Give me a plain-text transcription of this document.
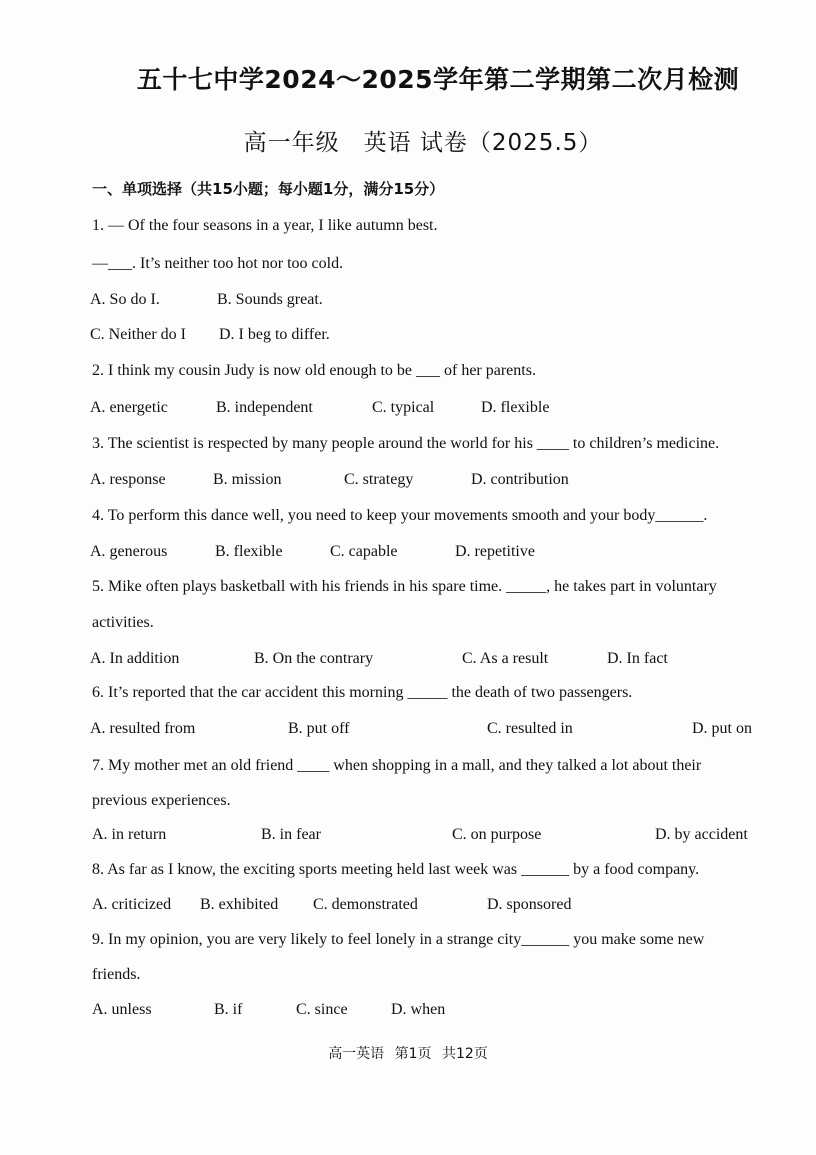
五十七中学2024～2025学年第二学期第二次月检测
高一年级　英语 试卷（2025.5）
一、单项选择（共15小题；每小题1分，满分15分）
1. — Of the four seasons in a year, I like autumn best.
—___. It’s neither too hot nor too cold.
A. So do I.	B. Sounds great.
C. Neither do I D. I beg to differ.
2. I think my cousin Judy is now old enough to be ___ of her parents.
A. energetic	B. independent	C. typical	D. flexible
3. The scientist is respected by many people around the world for his ____ to children’s medicine.
A. response	B. mission	C. strategy	D. contribution
4. To perform this dance well, you need to keep your movements smooth and your body______.
A. generous	B. flexible	C. capable	D. repetitive
5. Mike often plays basketball with his friends in his spare time. _____, he takes part in voluntary
activities.
A. In addition	B. On the contrary	C. As a result	D. In fact
6. It’s reported that the car accident this morning _____ the death of two passengers.
A. resulted from	B. put off	C. resulted in	D. put on
7. My mother met an old friend ____ when shopping in a mall, and they talked a lot about their
previous experiences.
A. in return	B. in fear	C. on purpose	D. by accident
8. As far as I know, the exciting sports meeting held last week was ______ by a food company.
A. criticized B. exhibited C. demonstrated	D. sponsored
9. In my opinion, you are very likely to feel lonely in a strange city______ you make some new
friends.
A. unless	B. if	C. since	D. when
高一英语 第1页 共12页
